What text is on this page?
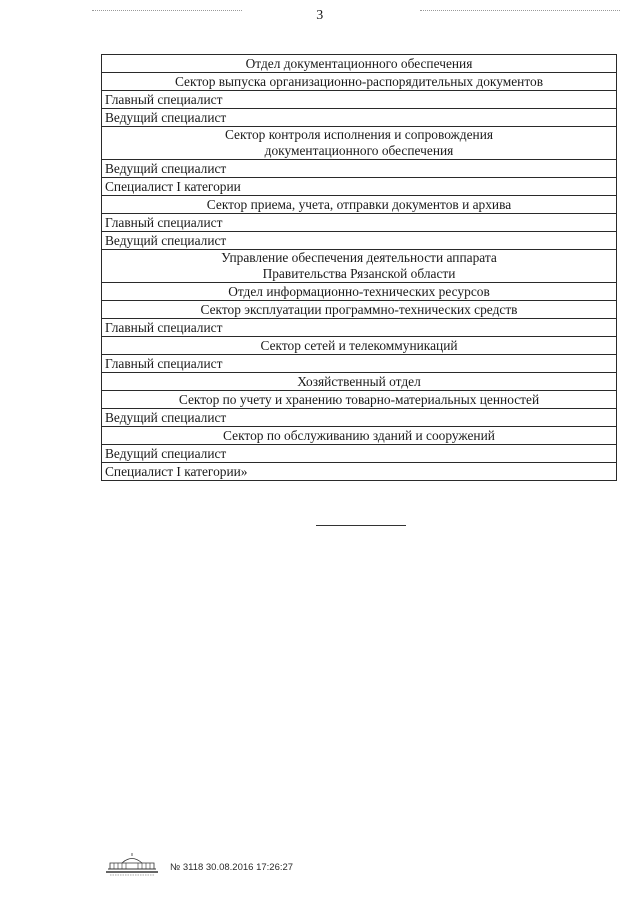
3
Отдел документационного обеспечения
Сектор выпуска организационно-распорядительных документов
Главный специалист
Ведущий специалист
Сектор контроля исполнения и сопровождения
документационного обеспечения
Ведущий специалист
Специалист I категории
Сектор приема, учета, отправки документов и архива
Главный специалист
Ведущий специалист
Управление обеспечения деятельности аппарата
Правительства Рязанской области
Отдел информационно-технических ресурсов
Сектор эксплуатации программно-технических средств
Главный специалист
Сектор сетей и телекоммуникаций
Главный специалист
Хозяйственный отдел
Сектор по учету и хранению товарно-материальных ценностей
Ведущий специалист
Сектор по обслуживанию зданий и сооружений
Ведущий специалист
Специалист I категории»
№ 3118 30.08.2016 17:26:27
